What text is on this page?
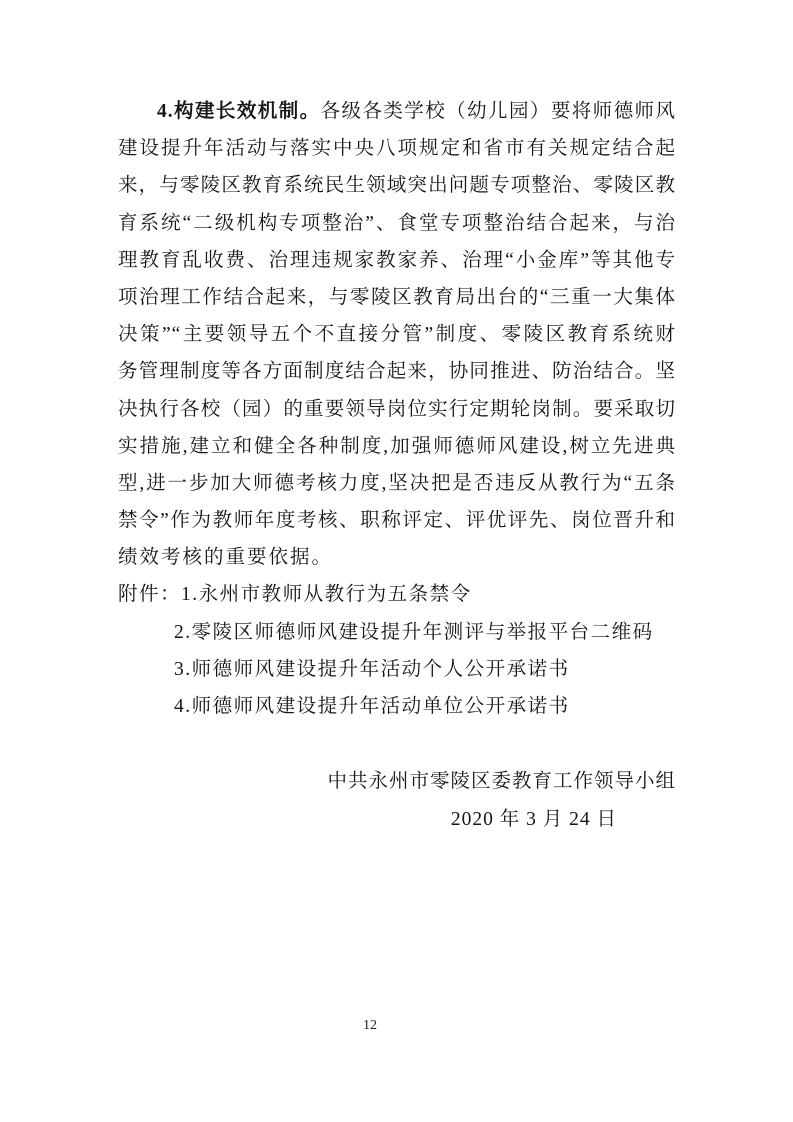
4.构建长效机制。各级各类学校（幼儿园）要将师德师风
建设提升年活动与落实中央八项规定和省市有关规定结合起
来，与零陵区教育系统民生领域突出问题专项整治、零陵区教
育系统“二级机构专项整治”、食堂专项整治结合起来，与治
理教育乱收费、治理违规家教家养、治理“小金库”等其他专
项治理工作结合起来，与零陵区教育局出台的“三重一大集体
决策”“主要领导五个不直接分管”制度、零陵区教育系统财
务管理制度等各方面制度结合起来，协同推进、防治结合。坚
决执行各校（园）的重要领导岗位实行定期轮岗制。要采取切
实措施,建立和健全各种制度,加强师德师风建设,树立先进典
型,进一步加大师德考核力度,坚决把是否违反从教行为“五条
禁令”作为教师年度考核、职称评定、评优评先、岗位晋升和
绩效考核的重要依据。
附件：1.永州市教师从教行为五条禁令
2.零陵区师德师风建设提升年测评与举报平台二维码
3.师德师风建设提升年活动个人公开承诺书
4.师德师风建设提升年活动单位公开承诺书
中共永州市零陵区委教育工作领导小组
2020 年 3 月 24 日
12
